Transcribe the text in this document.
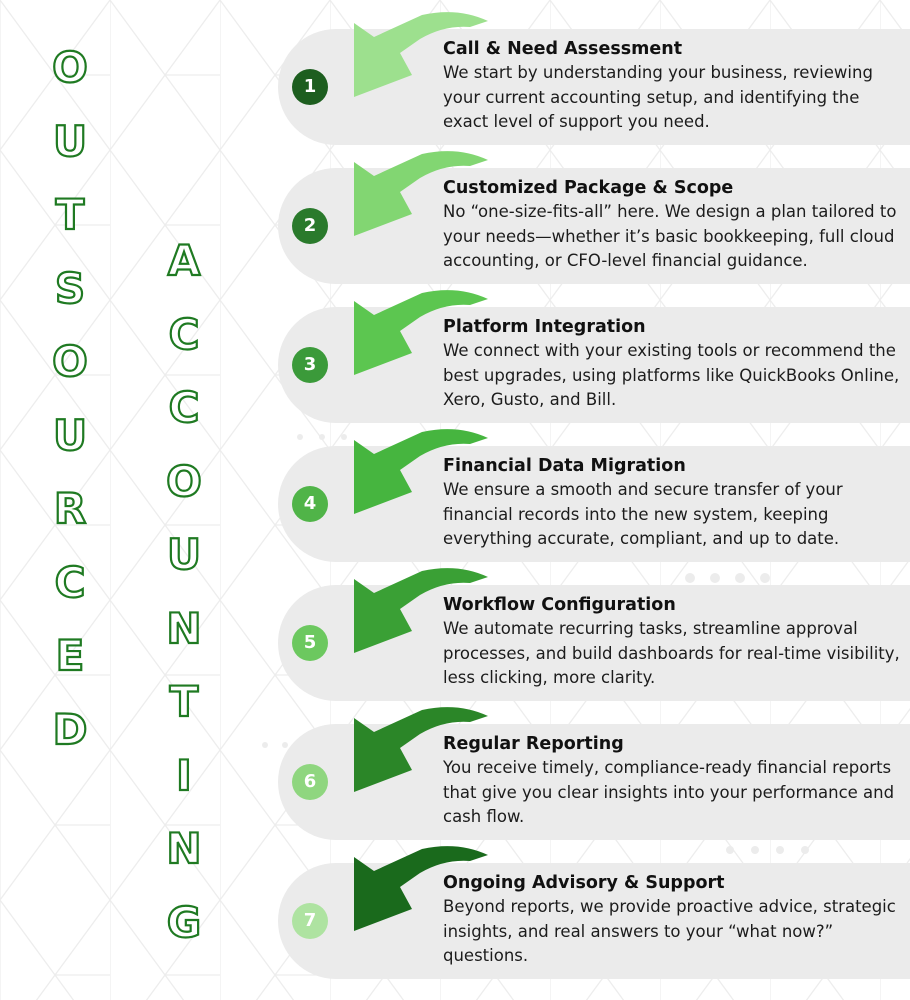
O
U
T
S
O
U
R
C
E
D
A
C
C
O
U
N
T
I
N
G
1

Call & Need Assessment

We start by understanding your business, reviewing your current accounting setup, and identifying the exact level of support you need.

2

Customized Package & Scope

No “one-size-fits-all” here. We design a plan tailored to your needs—whether it’s basic bookkeeping, full cloud accounting, or CFO-level financial guidance.

3

Platform Integration

We connect with your existing tools or recommend the best upgrades, using platforms like QuickBooks Online, Xero, Gusto, and Bill.

4

Financial Data Migration

We ensure a smooth and secure transfer of your financial records into the new system, keeping everything accurate, compliant, and up to date.

5

Workflow Configuration

We automate recurring tasks, streamline approval processes, and build dashboards for real-time visibility, less clicking, more clarity.

6

Regular Reporting

You receive timely, compliance-ready financial reports that give you clear insights into your performance and cash flow.

7

Ongoing Advisory & Support

Beyond reports, we provide proactive advice, strategic insights, and real answers to your “what now?” questions.
